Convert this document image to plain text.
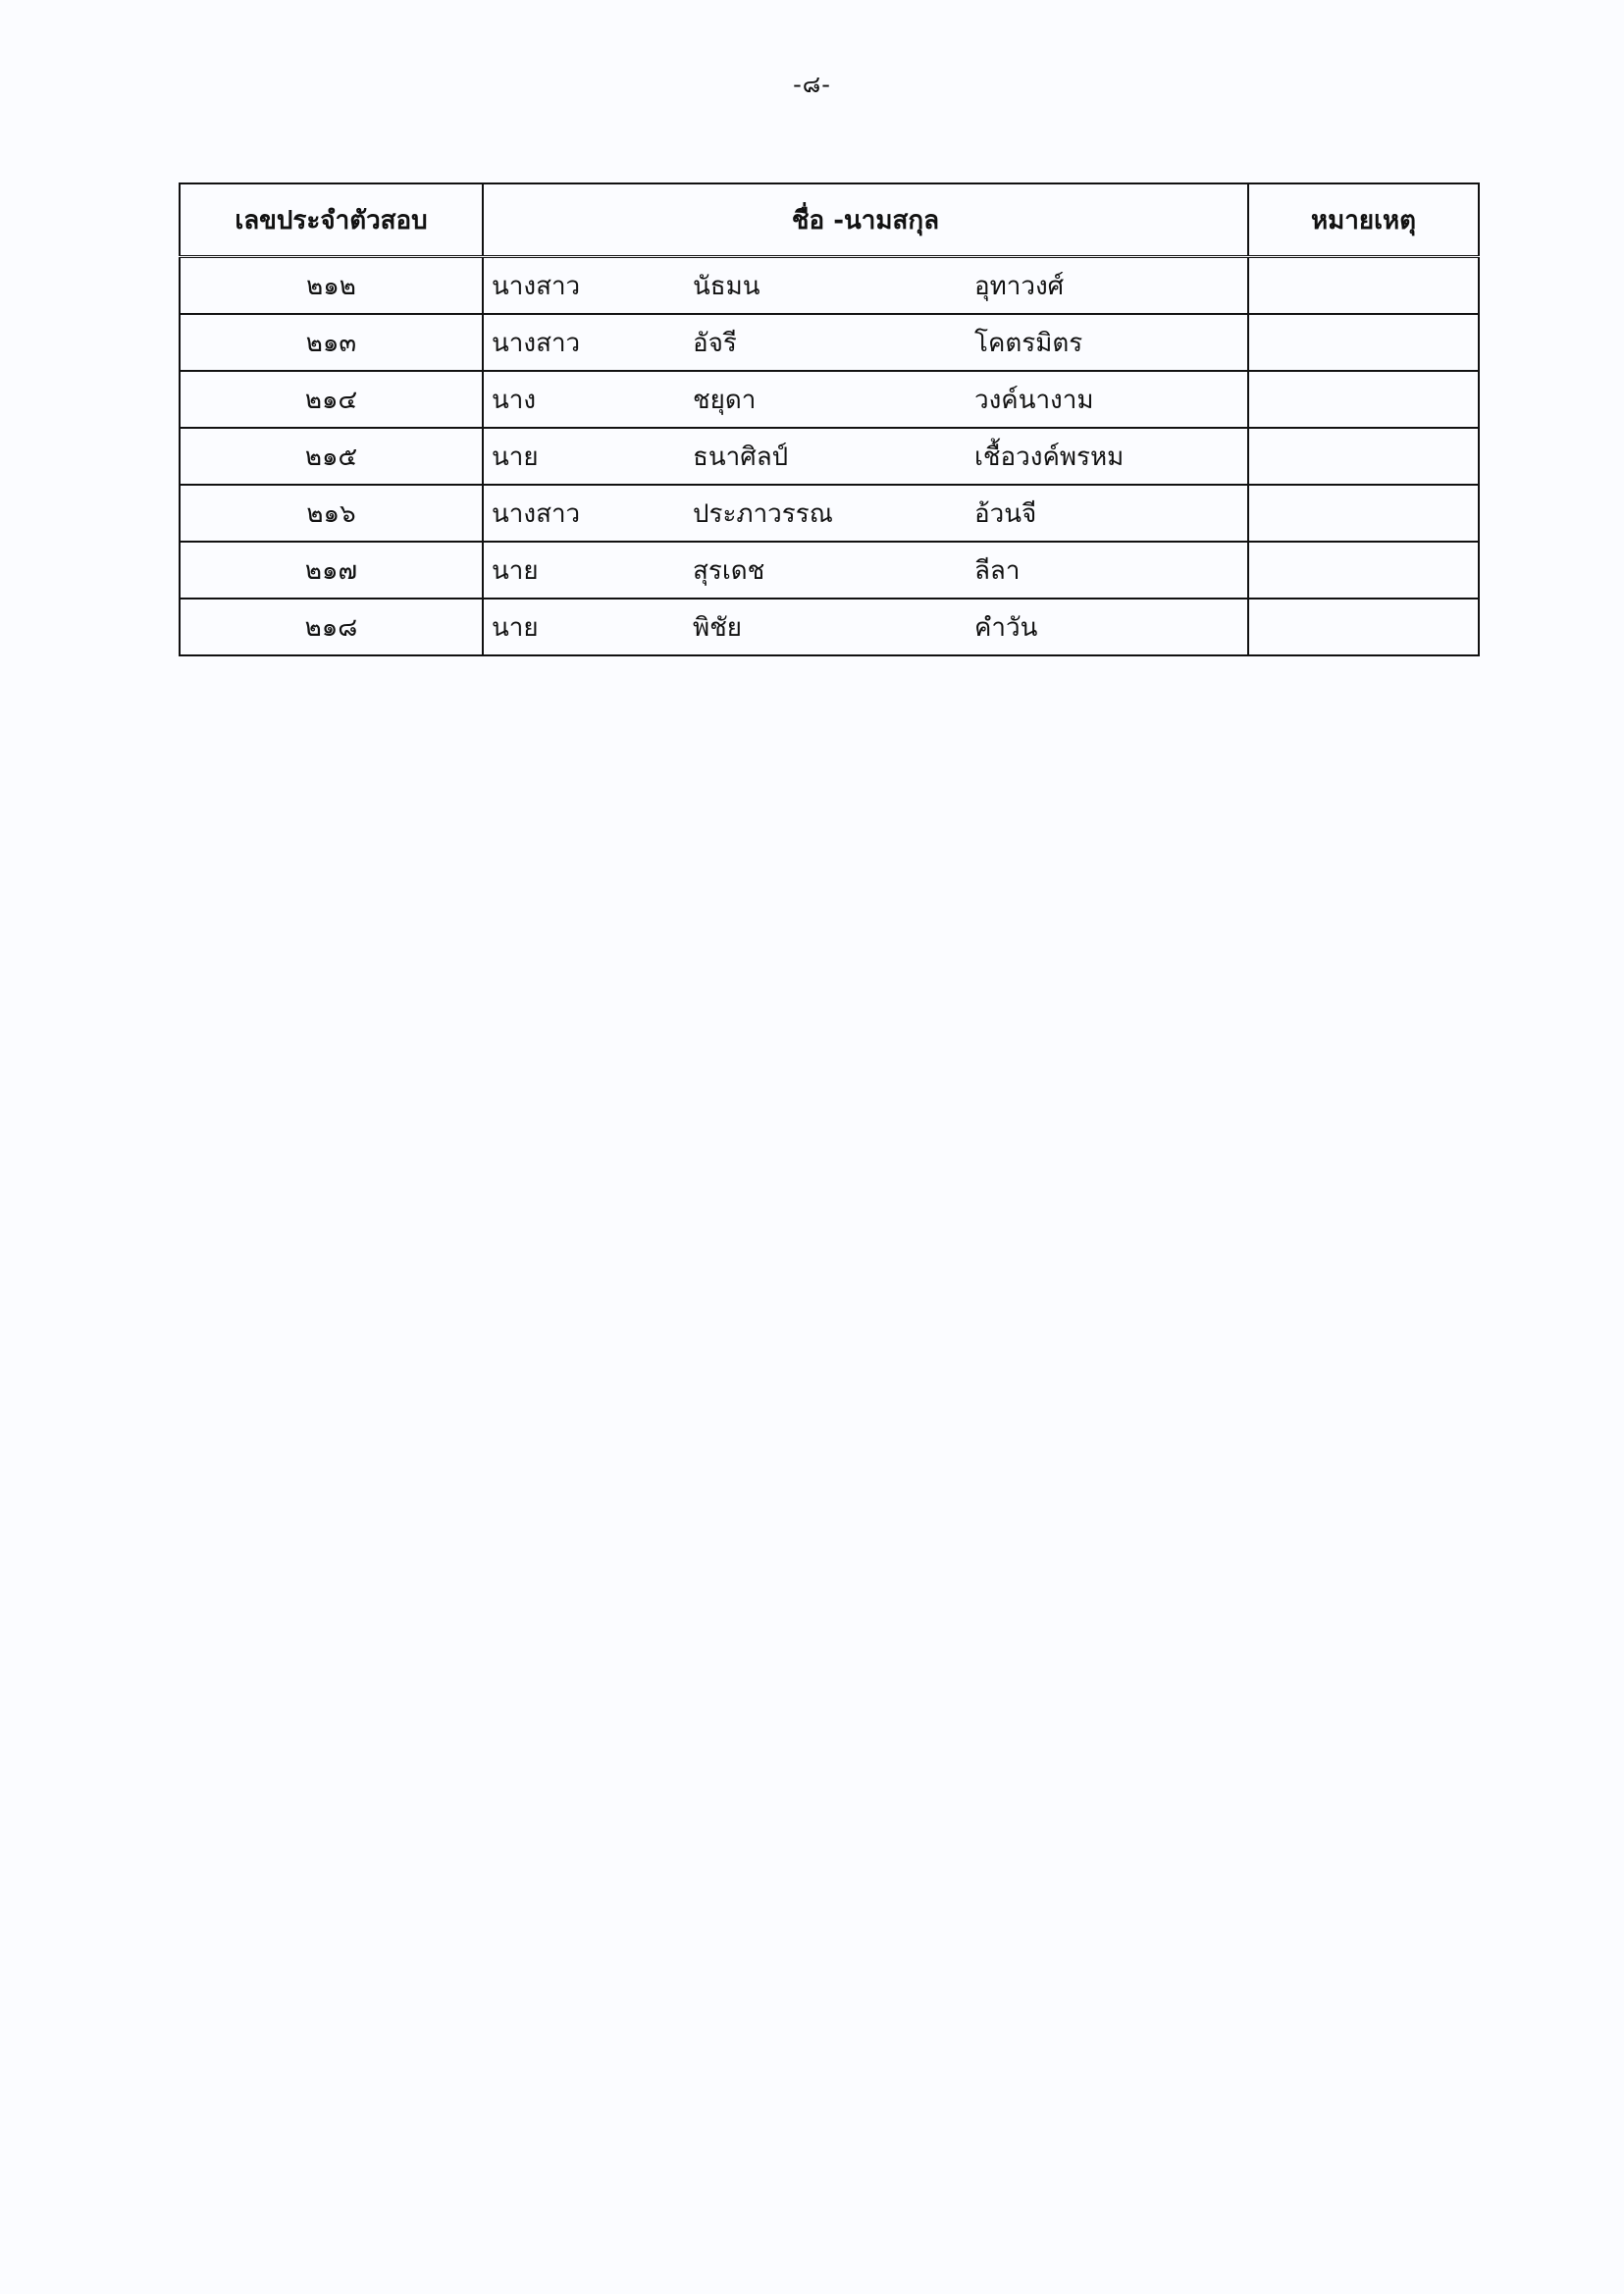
-๘-
เลขประจำตัวสอบ	ชื่อ -นามสกุล	หมายเหตุ
๒๑๒	นางสาว นัธมน อุทาวงศ์	

๒๑๓	นางสาว อัจรี โคตรมิตร	

๒๑๔	นาง ชยุดา วงค์นางาม	

๒๑๕	นาย ธนาศิลป์ เชื้อวงค์พรหม	

๒๑๖	นางสาว ประภาวรรณ อ้วนจี	

๒๑๗	นาย สุรเดช ลีลา	

๒๑๘	นาย พิชัย คำวัน	
